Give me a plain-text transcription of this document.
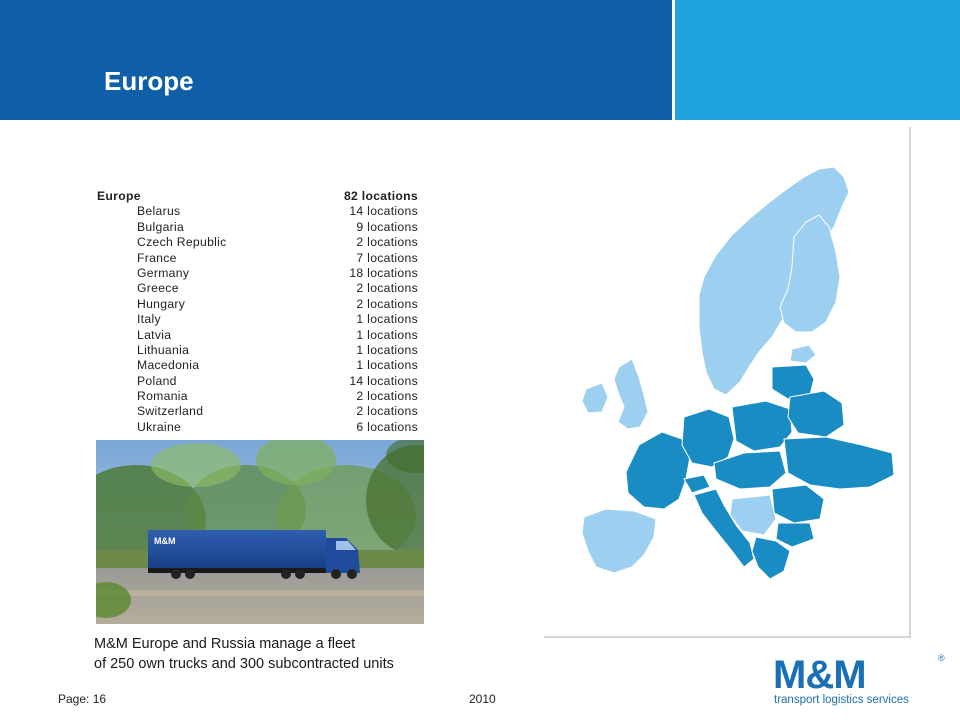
Europe
Europe	82 locations
Belarus	14 locations
Bulgaria	9 locations
Czech Republic	2 locations
France	7 locations
Germany	18 locations
Greece	2 locations
Hungary	2 locations
Italy	1 locations
Latvia	1 locations
Lithuania	1 locations
Macedonia	1 locations
Poland	14 locations
Romania	2 locations
Switzerland	2 locations
Ukraine	6 locations
M&M
M&M Europe and Russia manage a fleet
of 250 own trucks and 300 subcontracted units
Page: 16	2010
M&M	®
transport logistics services
